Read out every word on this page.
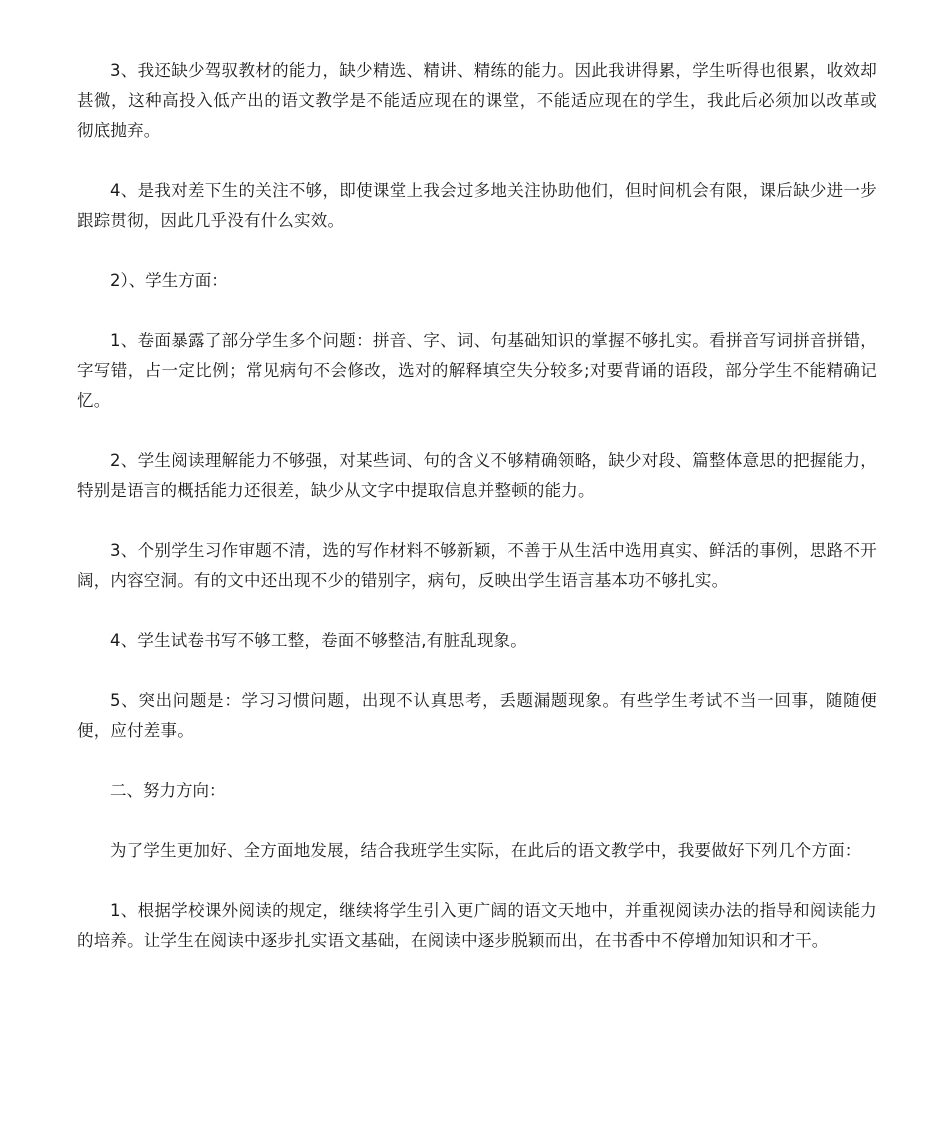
3、我还缺少驾驭教材的能力，缺少精选、精讲、精练的能力。因此我讲得累，学生听得也很累，收效却甚微，这种高投入低产出的语文教学是不能适应现在的课堂，不能适应现在的学生，我此后必须加以改革或彻底抛弃。

4、是我对差下生的关注不够，即使课堂上我会过多地关注协助他们，但时间机会有限，课后缺少进一步跟踪贯彻，因此几乎没有什么实效。

2）、学生方面：

1、卷面暴露了部分学生多个问题：拼音、字、词、句基础知识的掌握不够扎实。看拼音写词拼音拼错，字写错，占一定比例；常见病句不会修改，选对的解释填空失分较多;对要背诵的语段，部分学生不能精确记忆。

2、学生阅读理解能力不够强，对某些词、句的含义不够精确领略，缺少对段、篇整体意思的把握能力，特别是语言的概括能力还很差，缺少从文字中提取信息并整顿的能力。

3、个别学生习作审题不清，选的写作材料不够新颖，不善于从生活中选用真实、鲜活的事例，思路不开阔，内容空洞。有的文中还出现不少的错别字，病句，反映出学生语言基本功不够扎实。

4、学生试卷书写不够工整，卷面不够整洁,有脏乱现象。

5、突出问题是：学习习惯问题，出现不认真思考，丢题漏题现象。有些学生考试不当一回事，随随便便，应付差事。

二、努力方向：

为了学生更加好、全方面地发展，结合我班学生实际，在此后的语文教学中，我要做好下列几个方面：

1、根据学校课外阅读的规定，继续将学生引入更广阔的语文天地中，并重视阅读办法的指导和阅读能力的培养。让学生在阅读中逐步扎实语文基础，在阅读中逐步脱颖而出，在书香中不停增加知识和才干。
